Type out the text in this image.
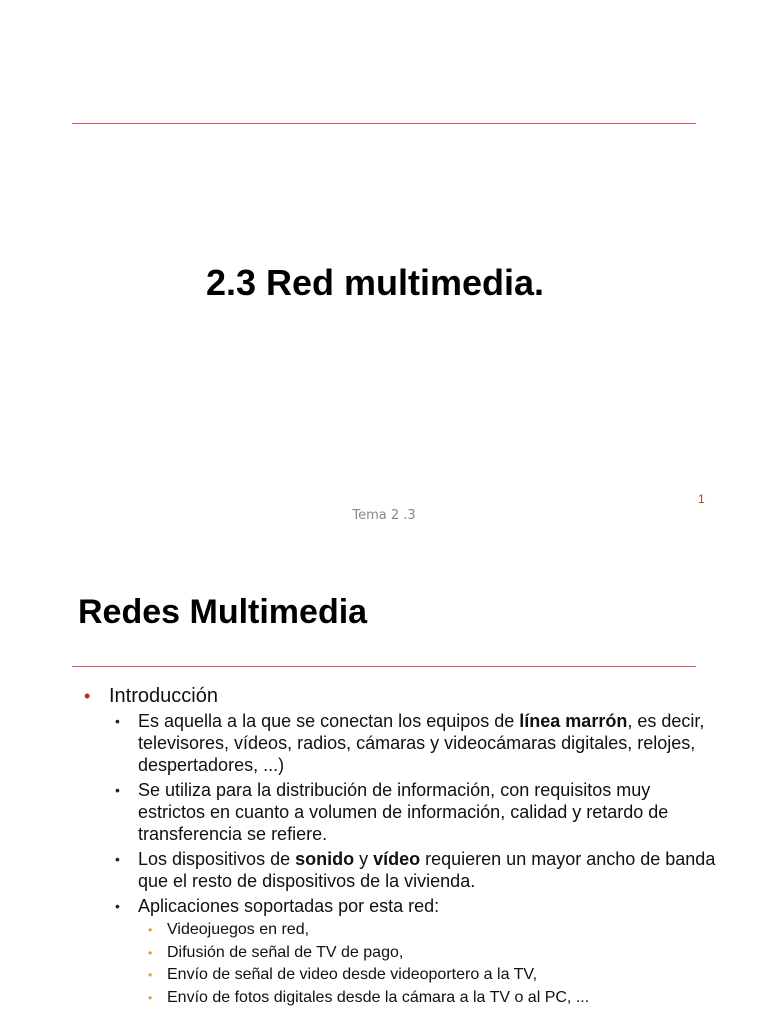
2.3 Red multimedia.
1
Tema 2 .3
Redes Multimedia
• Introducción
• Es aquella a la que se conectan los equipos de línea marrón, es decir, televisores, vídeos, radios, cámaras y videocámaras digitales, relojes, despertadores, ...)
• Se utiliza para la distribución de información, con requisitos muy estrictos en cuanto a volumen de información, calidad y retardo de transferencia se refiere.
• Los dispositivos de sonido y vídeo requieren un mayor ancho de banda que el resto de dispositivos de la vivienda.
• Aplicaciones soportadas por esta red:
• Videojuegos en red,
• Difusión de señal de TV de pago,
• Envío de señal de video desde videoportero a la TV,
• Envío de fotos digitales desde la cámara a la TV o al PC, ...
